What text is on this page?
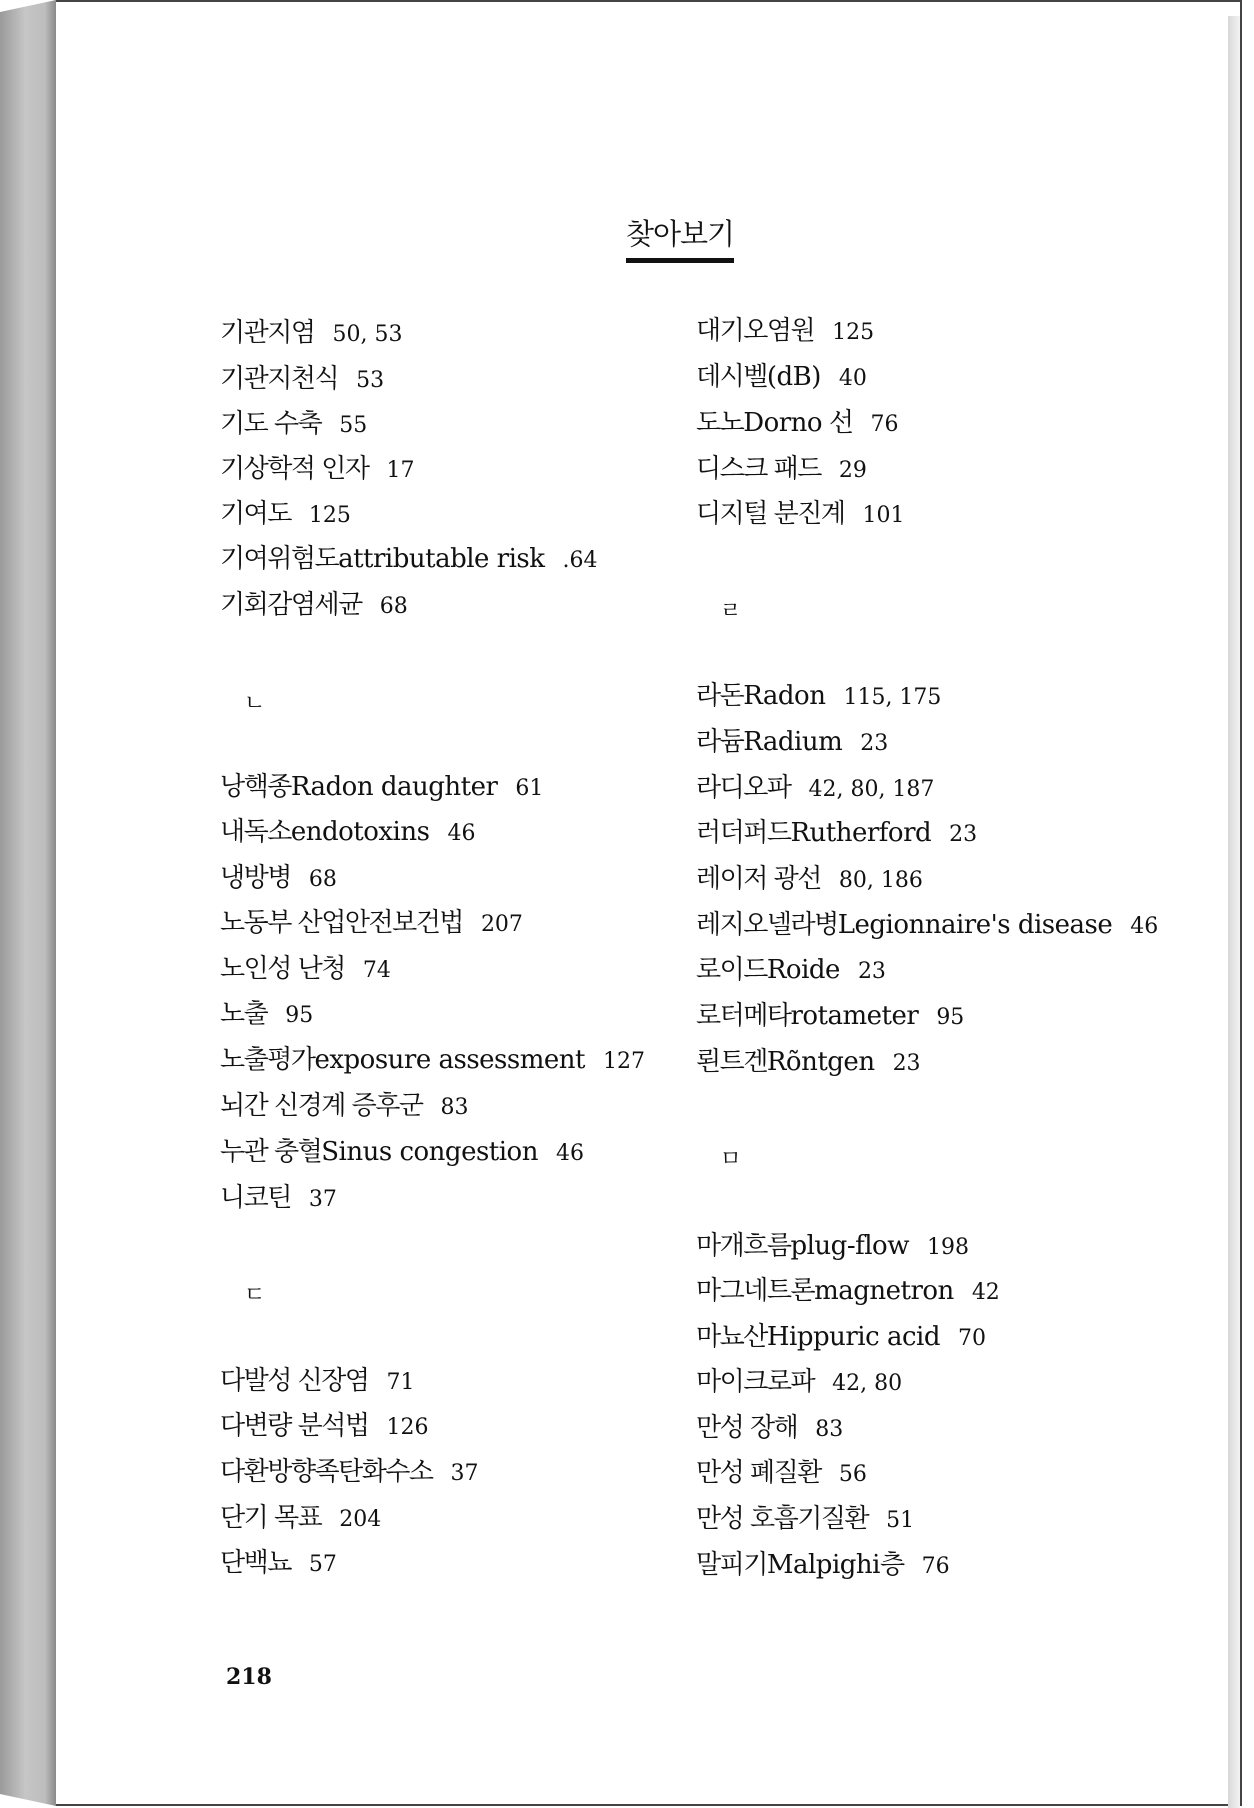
찾아보기
218
기관지염 50, 53
기관지천식 53
기도 수축 55
기상학적 인자 17
기여도 125
기여위험도attributable risk .64
기회감염세균 68
ㄴ
낭핵종Radon daughter 61
내독소endotoxins 46
냉방병 68
노동부 산업안전보건법 207
노인성 난청 74
노출 95
노출평가exposure assessment 127
뇌간 신경계 증후군 83
누관 충혈Sinus congestion 46
니코틴 37
ㄷ
다발성 신장염 71
다변량 분석법 126
다환방향족탄화수소 37
단기 목표 204
단백뇨 57
대기오염원 125
데시벨(dB) 40
도노Dorno 선 76
디스크 패드 29
디지털 분진계 101
ㄹ
라돈Radon 115, 175
라듐Radium 23
라디오파 42, 80, 187
러더퍼드Rutherford 23
레이저 광선 80, 186
레지오넬라병Legionnaire's disease 46
로이드Roide 23
로터메타rotameter 95
뢴트겐Rõntgen 23
ㅁ
마개흐름plug-flow 198
마그네트론magnetron 42
마뇨산Hippuric acid 70
마이크로파 42, 80
만성 장해 83
만성 폐질환 56
만성 호흡기질환 51
말피기Malpighi층 76
